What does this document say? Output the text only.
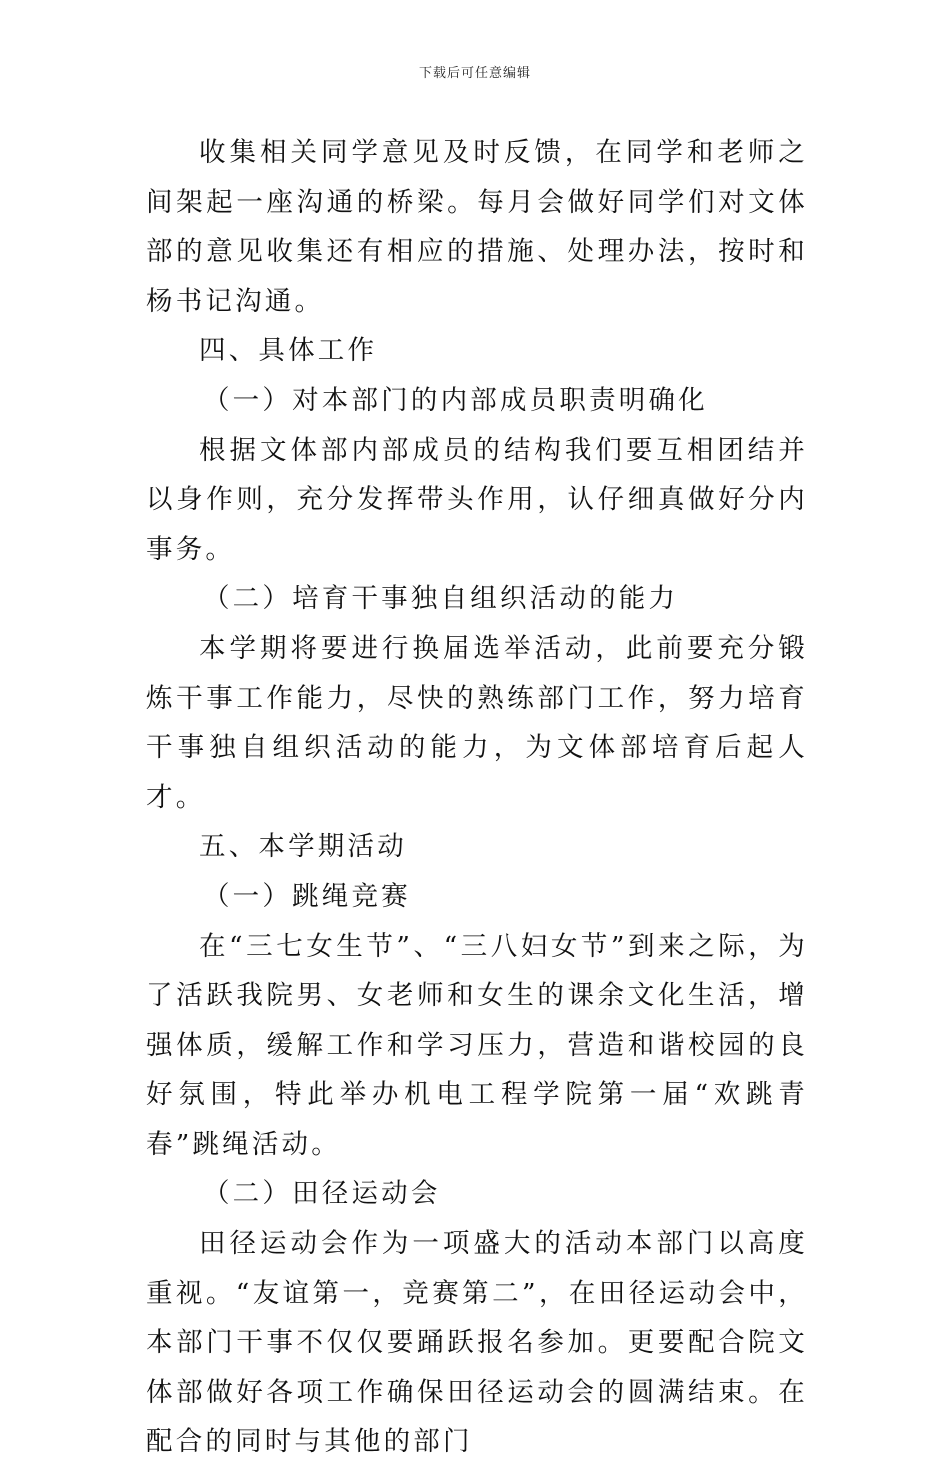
下载后可任意编辑

收集相关同学意见及时反馈，在同学和老师之间架起一座沟通的桥梁。每月会做好同学们对文体部的意见收集还有相应的措施、处理办法，按时和杨书记沟通。

四、具体工作

（一）对本部门的内部成员职责明确化

根据文体部内部成员的结构我们要互相团结并以身作则，充分发挥带头作用，认仔细真做好分内事务。

（二）培育干事独自组织活动的能力

本学期将要进行换届选举活动，此前要充分锻炼干事工作能力，尽快的熟练部门工作，努力培育干事独自组织活动的能力，为文体部培育后起人才。

五、本学期活动

（一）跳绳竞赛

在“三七女生节”、“三八妇女节”到来之际，为了活跃我院男、女老师和女生的课余文化生活，增强体质，缓解工作和学习压力，营造和谐校园的良好氛围，特此举办机电工程学院第一届“欢跳青春”跳绳活动。

（二）田径运动会

田径运动会作为一项盛大的活动本部门以高度重视。“友谊第一，竞赛第二”，在田径运动会中，本部门干事不仅仅要踊跃报名参加。更要配合院文体部做好各项工作确保田径运动会的圆满结束。在配合的同时与其他的部门
